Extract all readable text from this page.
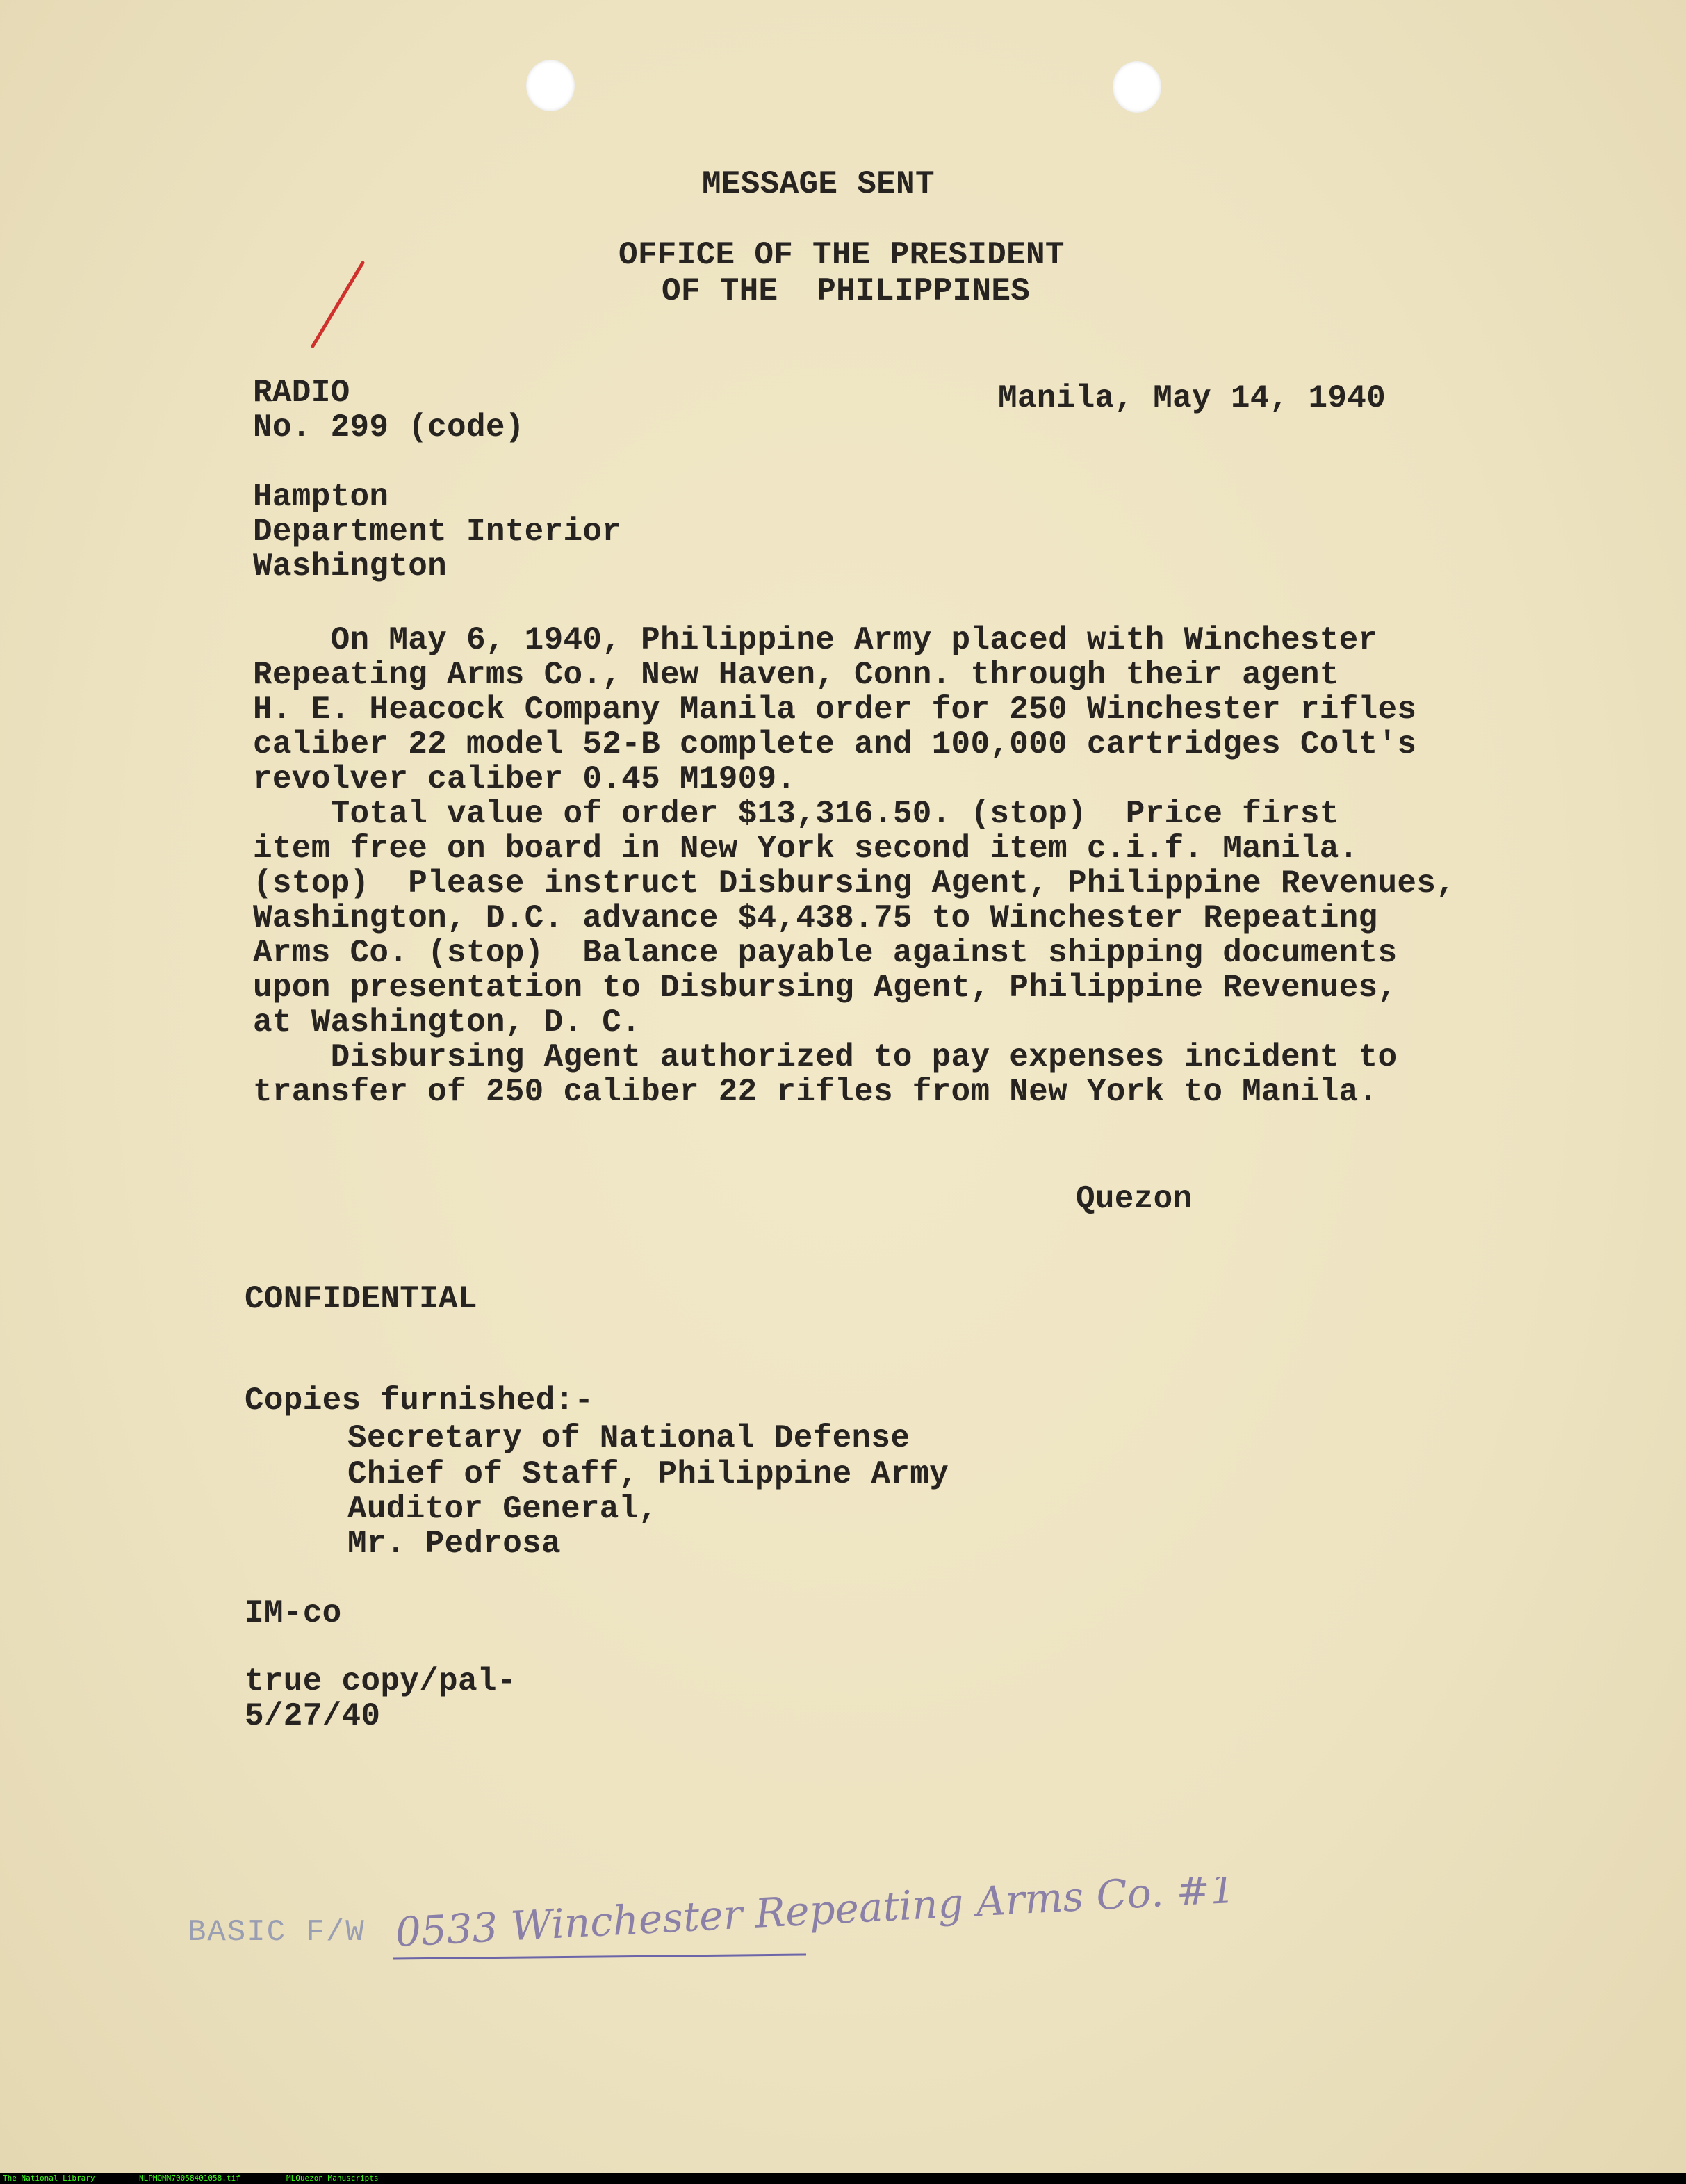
MESSAGE SENT
OFFICE OF THE PRESIDENT
OF THE  PHILIPPINES
RADIO
No. 299 (code)
Manila, May 14, 1940
Hampton
Department Interior
Washington
On May 6, 1940, Philippine Army placed with Winchester
Repeating Arms Co., New Haven, Conn. through their agent
H. E. Heacock Company Manila order for 250 Winchester rifles
caliber 22 model 52-B complete and 100,000 cartridges Colt's
revolver caliber 0.45 M1909.
Total value of order $13,316.50. (stop)  Price first
item free on board in New York second item c.i.f. Manila.
(stop)  Please instruct Disbursing Agent, Philippine Revenues,
Washington, D.C. advance $4,438.75 to Winchester Repeating
Arms Co. (stop)  Balance payable against shipping documents
upon presentation to Disbursing Agent, Philippine Revenues,
at Washington, D. C.
Disbursing Agent authorized to pay expenses incident to
transfer of 250 caliber 22 rifles from New York to Manila.
Quezon
CONFIDENTIAL
Copies furnished:-
Secretary of National Defense
Chief of Staff, Philippine Army
Auditor General,
Mr. Pedrosa
IM-co
true copy/pal-
5/27/40
BASIC F/W 0533 Winchester Repeating Arms Co. #1
The National Library	NLPMQMN70058401058.tif	MLQuezon Manuscripts
